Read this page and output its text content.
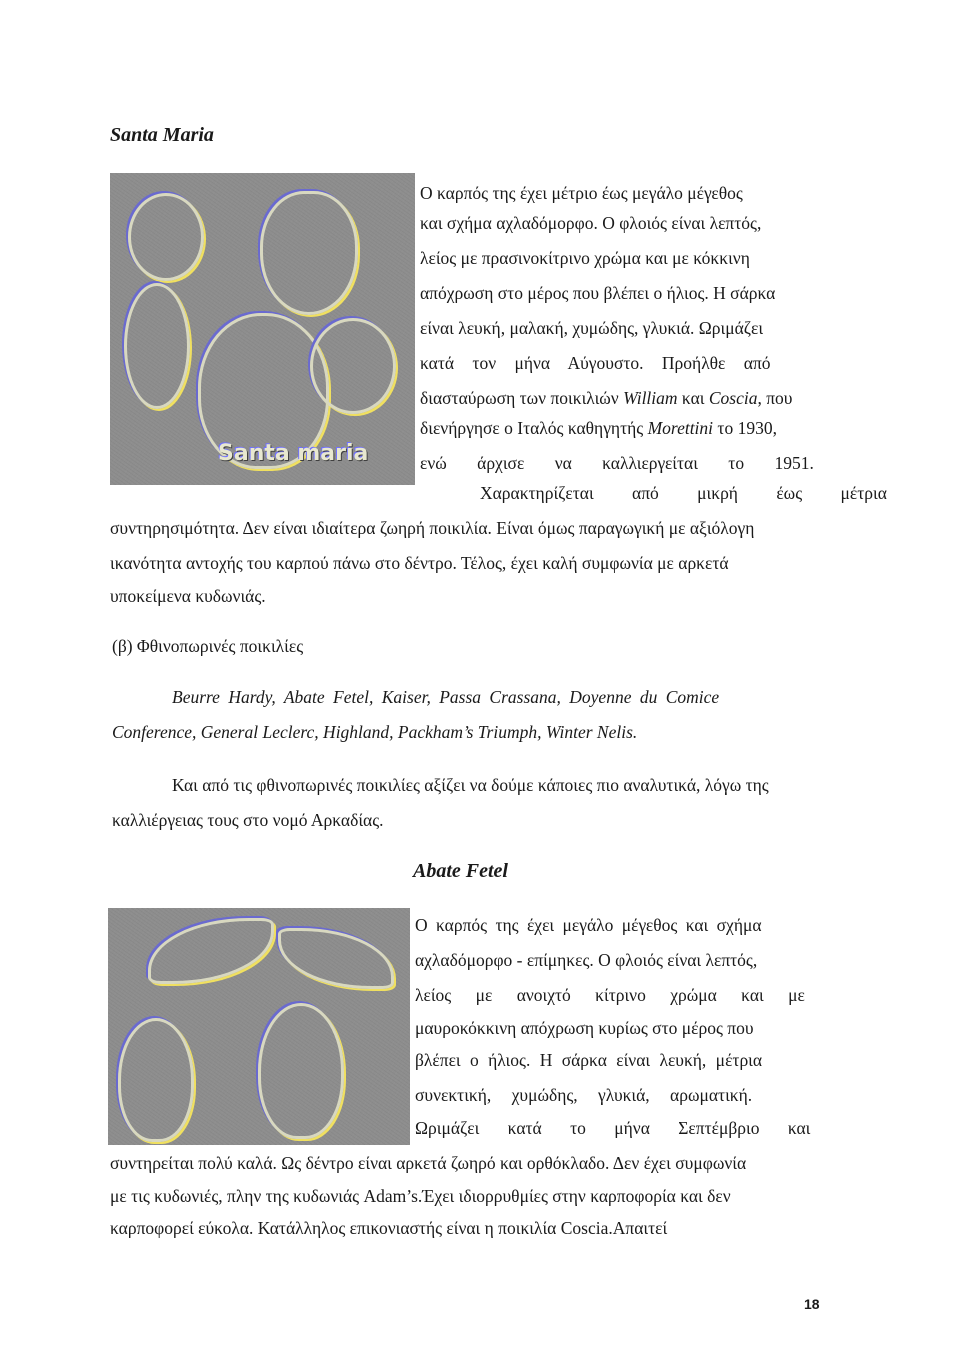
Santa Maria
Santa maria
Ο καρπός της έχει μέτριο έως μεγάλο μέγεθος
και σχήμα αχλαδόμορφο. Ο φλοιός είναι λεπτός,
λείος με πρασινοκίτρινο χρώμα και με κόκκινη
απόχρωση στο μέρος που βλέπει ο ήλιος. Η σάρκα
είναι λευκή, μαλακή, χυμώδης, γλυκιά. Ωριμάζει
κατά τον μήνα Αύγουστο. Προήλθε από
διασταύρωση των ποικιλιών William και Coscia, που
διενήργησε ο Ιταλός καθηγητής Morettini το 1930,
ενώ άρχισε να καλλιεργείται το 1951.
Χαρακτηρίζεται από μικρή έως μέτρια
συντηρησιμότητα. Δεν είναι ιδιαίτερα ζωηρή ποικιλία. Είναι όμως παραγωγική με αξιόλογη
ικανότητα αντοχής του καρπού πάνω στο δέντρο. Τέλος, έχει καλή συμφωνία με αρκετά
υποκείμενα κυδωνιάς.
(β) Φθινοπωρινές ποικιλίες
Beurre Hardy, Abate Fetel, Kaiser, Passa Crassana, Doyenne du Comice
Conference, General Leclerc, Highland, Packham’s Triumph, Winter Nelis.
Και από τις φθινοπωρινές ποικιλίες αξίζει να δούμε κάποιες πιο αναλυτικά, λόγω της
καλλιέργειας τους στο νομό Αρκαδίας.
Abate Fetel
Ο καρπός της έχει μεγάλο μέγεθος και σχήμα
αχλαδόμορφο - επίμηκες. Ο φλοιός είναι λεπτός,
λείος με ανοιχτό κίτρινο χρώμα και με
μαυροκόκκινη απόχρωση κυρίως στο μέρος που
βλέπει ο ήλιος. Η σάρκα είναι λευκή, μέτρια
συνεκτική, χυμώδης, γλυκιά, αρωματική.
Ωριμάζει κατά το μήνα Σεπτέμβριο και
συντηρείται πολύ καλά. Ως δέντρο είναι αρκετά ζωηρό και ορθόκλαδο. Δεν έχει συμφωνία
με τις κυδωνιές, πλην της κυδωνιάς Adam’s.Έχει ιδιορρυθμίες στην καρποφορία και δεν
καρποφορεί εύκολα. Κατάλληλος επικονιαστής είναι η ποικιλία Coscia.Απαιτεί
18
